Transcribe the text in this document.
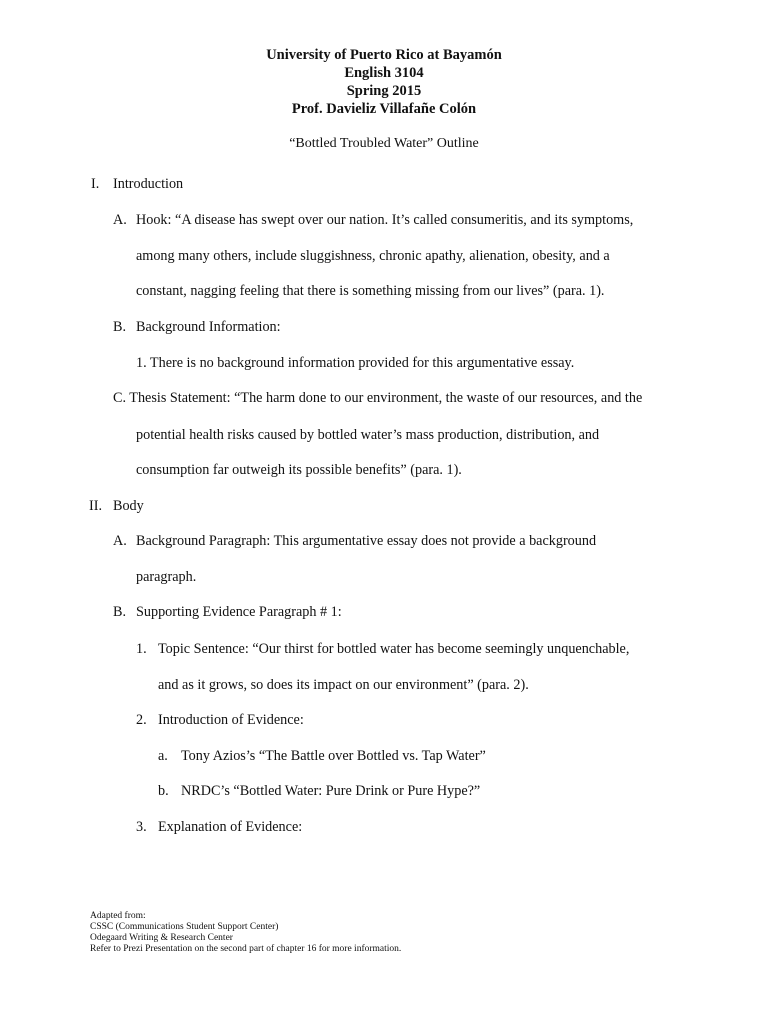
University of Puerto Rico at Bayamón
English 3104
Spring 2015
Prof. Davieliz Villafañe Colón
“Bottled Troubled Water” Outline
I. Introduction
A. Hook: “A disease has swept over our nation. It’s called consumeritis, and its symptoms,
among many others, include sluggishness, chronic apathy, alienation, obesity, and a
constant, nagging feeling that there is something missing from our lives” (para. 1).
B. Background Information:
1. There is no background information provided for this argumentative essay.
C. Thesis Statement: “The harm done to our environment, the waste of our resources, and the
potential health risks caused by bottled water’s mass production, distribution, and
consumption far outweigh its possible benefits” (para. 1).
II. Body
A. Background Paragraph: This argumentative essay does not provide a background
paragraph.
B. Supporting Evidence Paragraph # 1:
1. Topic Sentence: “Our thirst for bottled water has become seemingly unquenchable,
and as it grows, so does its impact on our environment” (para. 2).
2. Introduction of Evidence:
a. Tony Azios’s “The Battle over Bottled vs. Tap Water”
b. NRDC’s “Bottled Water: Pure Drink or Pure Hype?”
3. Explanation of Evidence:
Adapted from:
CSSC (Communications Student Support Center)
Odegaard Writing & Research Center
Refer to Prezi Presentation on the second part of chapter 16 for more information.
